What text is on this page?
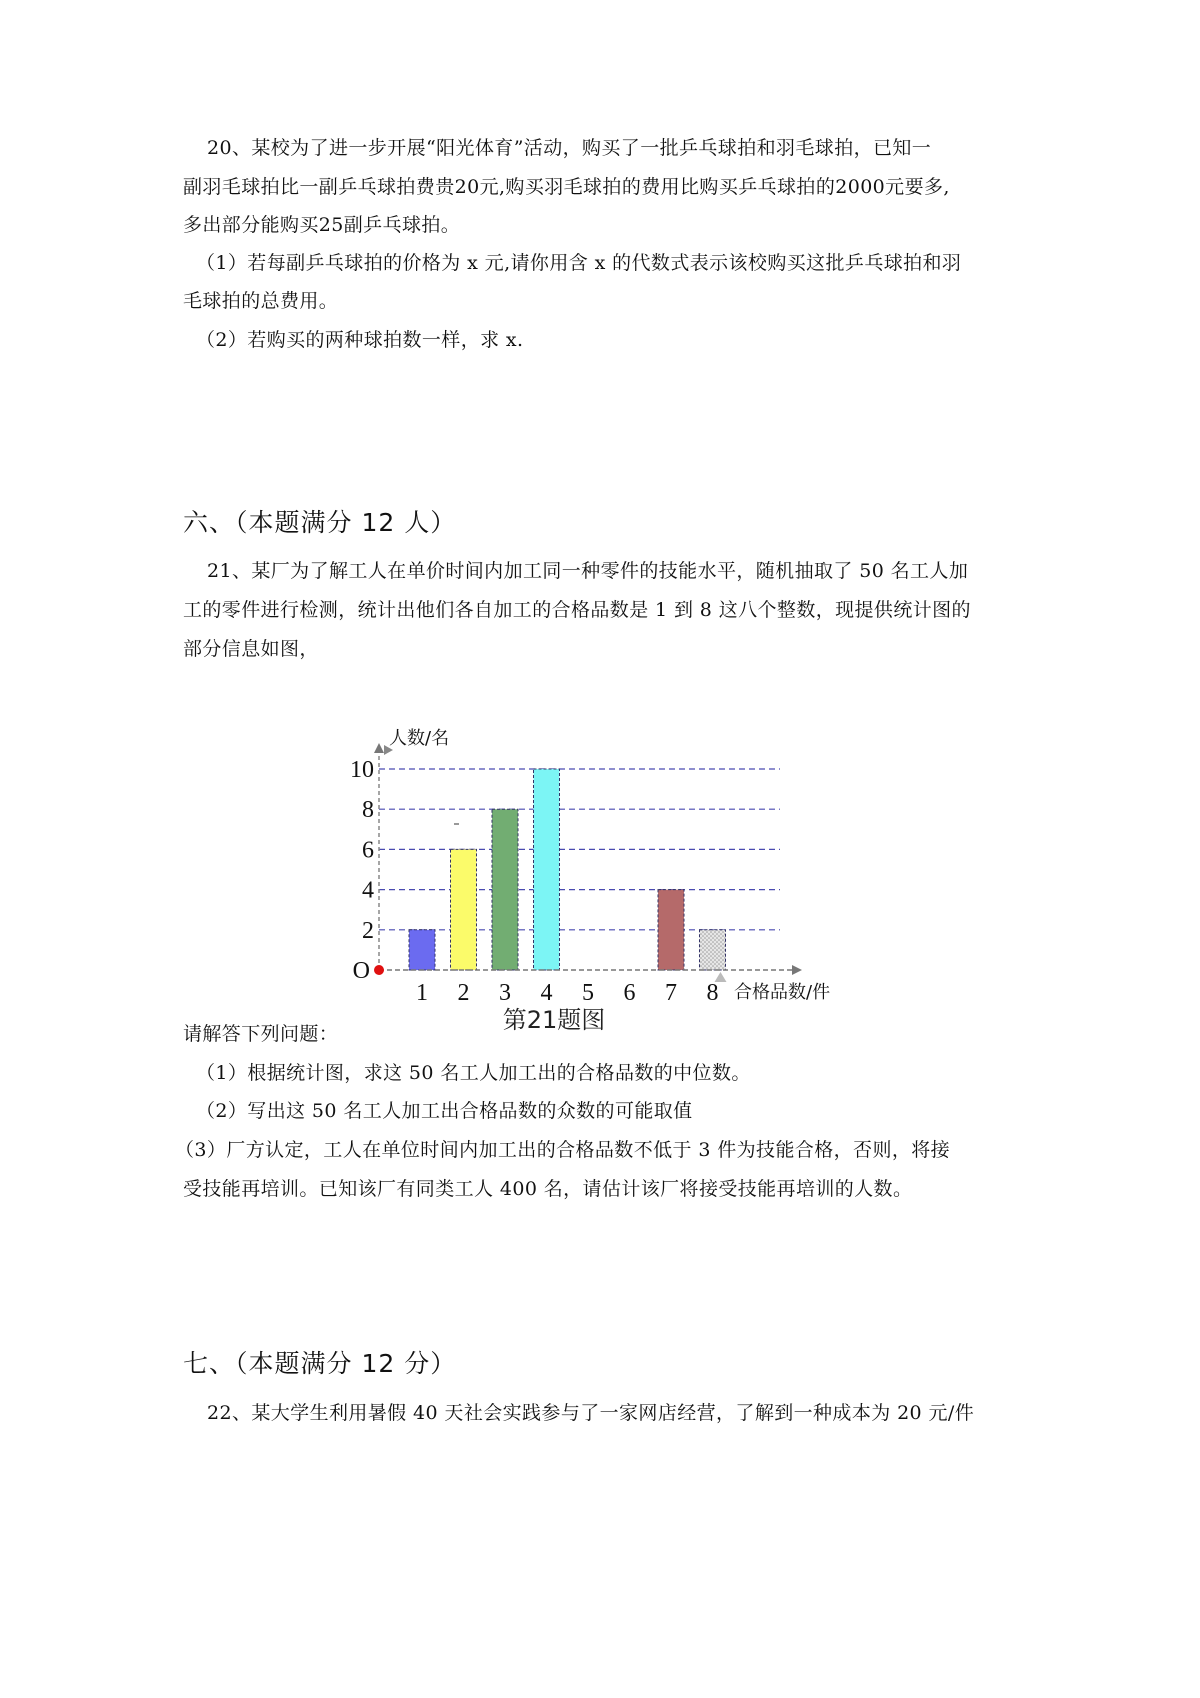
20、某校为了进一步开展“阳光体育”活动，购买了一批乒乓球拍和羽毛球拍，已知一
副羽毛球拍比一副乒乓球拍费贵20元,购买羽毛球拍的费用比购买乒乓球拍的2000元要多,
多出部分能购买25副乒乓球拍。
（1）若每副乒乓球拍的价格为 x 元,请你用含 x 的代数式表示该校购买这批乒乓球拍和羽
毛球拍的总费用。
（2）若购买的两种球拍数一样，求 x.
六、（本题满分 12 人）
21、某厂为了解工人在单价时间内加工同一种零件的技能水平，随机抽取了 50 名工人加
工的零件进行检测，统计出他们各自加工的合格品数是 1 到 8 这八个整数，现提供统计图的
部分信息如图，
2
4
6
8
10
1 2 3 4 5 6 7 8
O
人数/名
合格品数/件
第21题图
请解答下列问题：
（1）根据统计图，求这 50 名工人加工出的合格品数的中位数。
（2）写出这 50 名工人加工出合格品数的众数的可能取值
（3）厂方认定，工人在单位时间内加工出的合格品数不低于 3 件为技能合格，否则，将接
受技能再培训。已知该厂有同类工人 400 名，请估计该厂将接受技能再培训的人数。
七、（本题满分 12 分）
22、某大学生利用暑假 40 天社会实践参与了一家网店经营，了解到一种成本为 20 元/件
